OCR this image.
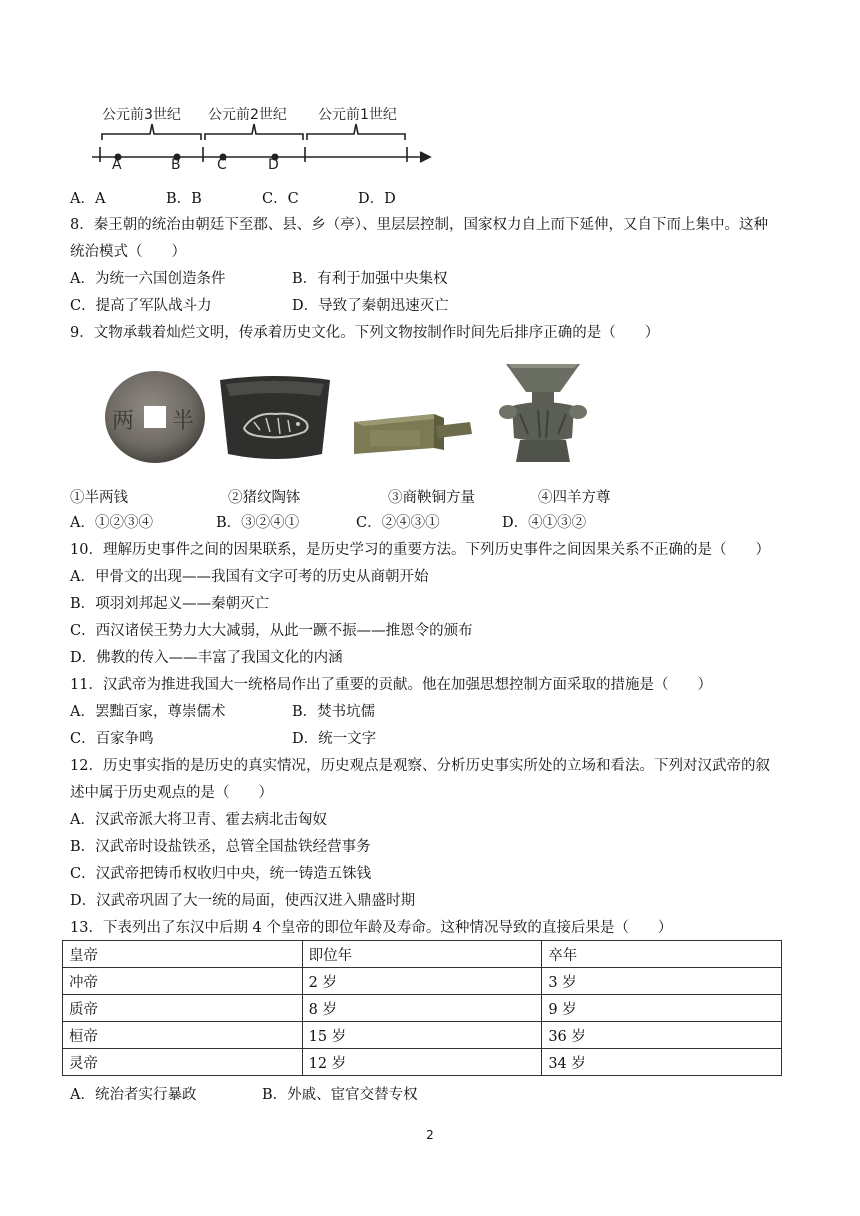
公元前3世纪 公元前2世纪 公元前1世纪
A	B	C	D
A．A	B．B	C．C	D．D
8．秦王朝的统治由朝廷下至郡、县、乡（亭）、里层层控制，国家权力自上而下延伸，又自下而上集中。这种
统治模式（　　）
A．为统一六国创造条件	B．有利于加强中央集权
C．提高了军队战斗力	D．导致了秦朝迅速灭亡
9．文物承载着灿烂文明，传承着历史文化。下列文物按制作时间先后排序正确的是（　　）
两 半
①半两钱	②猪纹陶钵	③商鞅铜方量	④四羊方尊
A．①②③④	B．③②④①	C．②④③①	D．④①③②
10．理解历史事件之间的因果联系，是历史学习的重要方法。下列历史事件之间因果关系不正确的是（　　）
A．甲骨文的出现——我国有文字可考的历史从商朝开始
B．项羽刘邦起义——秦朝灭亡
C．西汉诸侯王势力大大减弱，从此一蹶不振——推恩令的颁布
D．佛教的传入——丰富了我国文化的内涵
11．汉武帝为推进我国大一统格局作出了重要的贡献。他在加强思想控制方面采取的措施是（　　）
A．罢黜百家，尊崇儒术	B．焚书坑儒
C．百家争鸣	D．统一文字
12．历史事实指的是历史的真实情况，历史观点是观察、分析历史事实所处的立场和看法。下列对汉武帝的叙
述中属于历史观点的是（　　）
A．汉武帝派大将卫青、霍去病北击匈奴
B．汉武帝时设盐铁丞，总管全国盐铁经营事务
C．汉武帝把铸币权收归中央，统一铸造五铢钱
D．汉武帝巩固了大一统的局面，使西汉进入鼎盛时期
13．下表列出了东汉中后期 4 个皇帝的即位年龄及寿命。这种情况导致的直接后果是（　　）
皇帝	即位年	卒年
冲帝	2 岁	3 岁
质帝	8 岁	9 岁
桓帝	15 岁	36 岁
灵帝	12 岁	34 岁
A．统治者实行暴政	B．外戚、宦官交替专权
2
